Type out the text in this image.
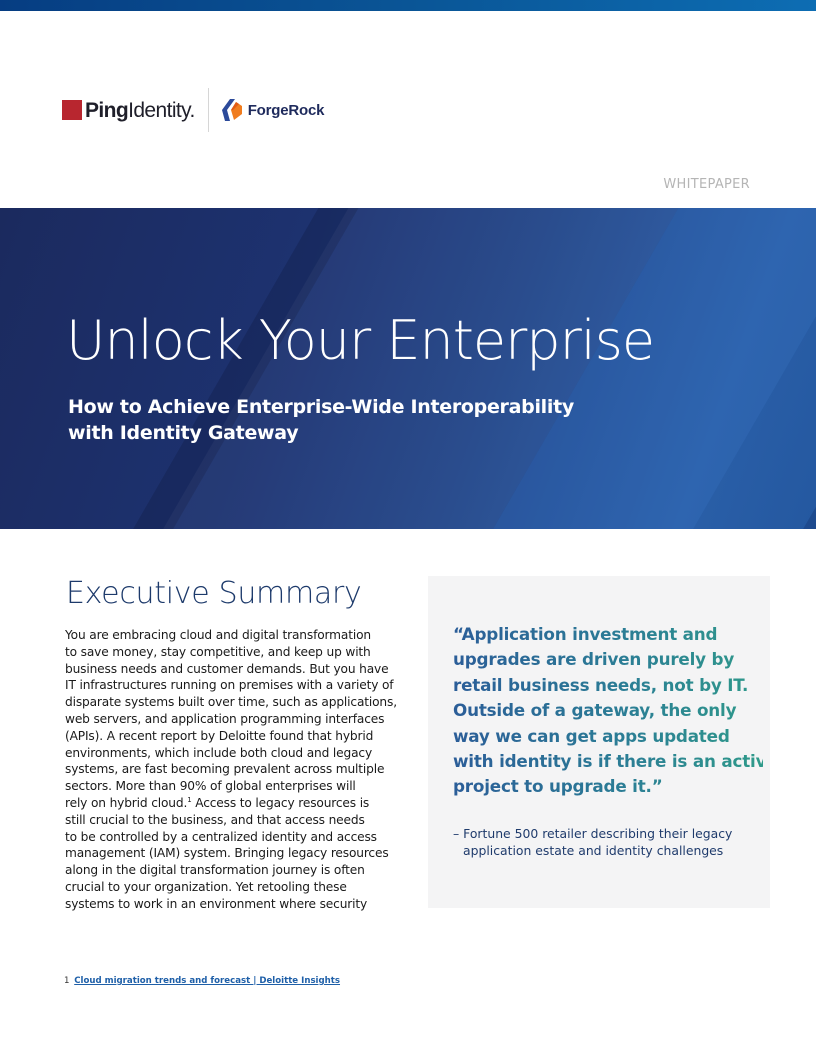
PingIdentity.	ForgeRock
WHITEPAPER
Unlock Your Enterprise
How to Achieve Enterprise-Wide Interoperability
with Identity Gateway
Executive Summary
You are embracing cloud and digital transformation
to save money, stay competitive, and keep up with
business needs and customer demands. But you have
IT infrastructures running on premises with a variety of
disparate systems built over time, such as applications,
web servers, and application programming interfaces
(APIs). A recent report by Deloitte found that hybrid
environments, which include both cloud and legacy
systems, are fast becoming prevalent across multiple
sectors. More than 90% of global enterprises will
rely on hybrid cloud.$^1$ Access to legacy resources is
still crucial to the business, and that access needs
to be controlled by a centralized identity and access
management (IAM) system. Bringing legacy resources
along in the digital transformation journey is often
crucial to your organization. Yet retooling these
systems to work in an environment where security
“Application investment and
upgrades are driven purely by
retail business needs, not by IT.
Outside of a gateway, the only
way we can get apps updated
with identity is if there is an active
project to upgrade it.”
– Fortune 500 retailer describing their legacy
application estate and identity challenges
1 Cloud migration trends and forecast | Deloitte Insights
